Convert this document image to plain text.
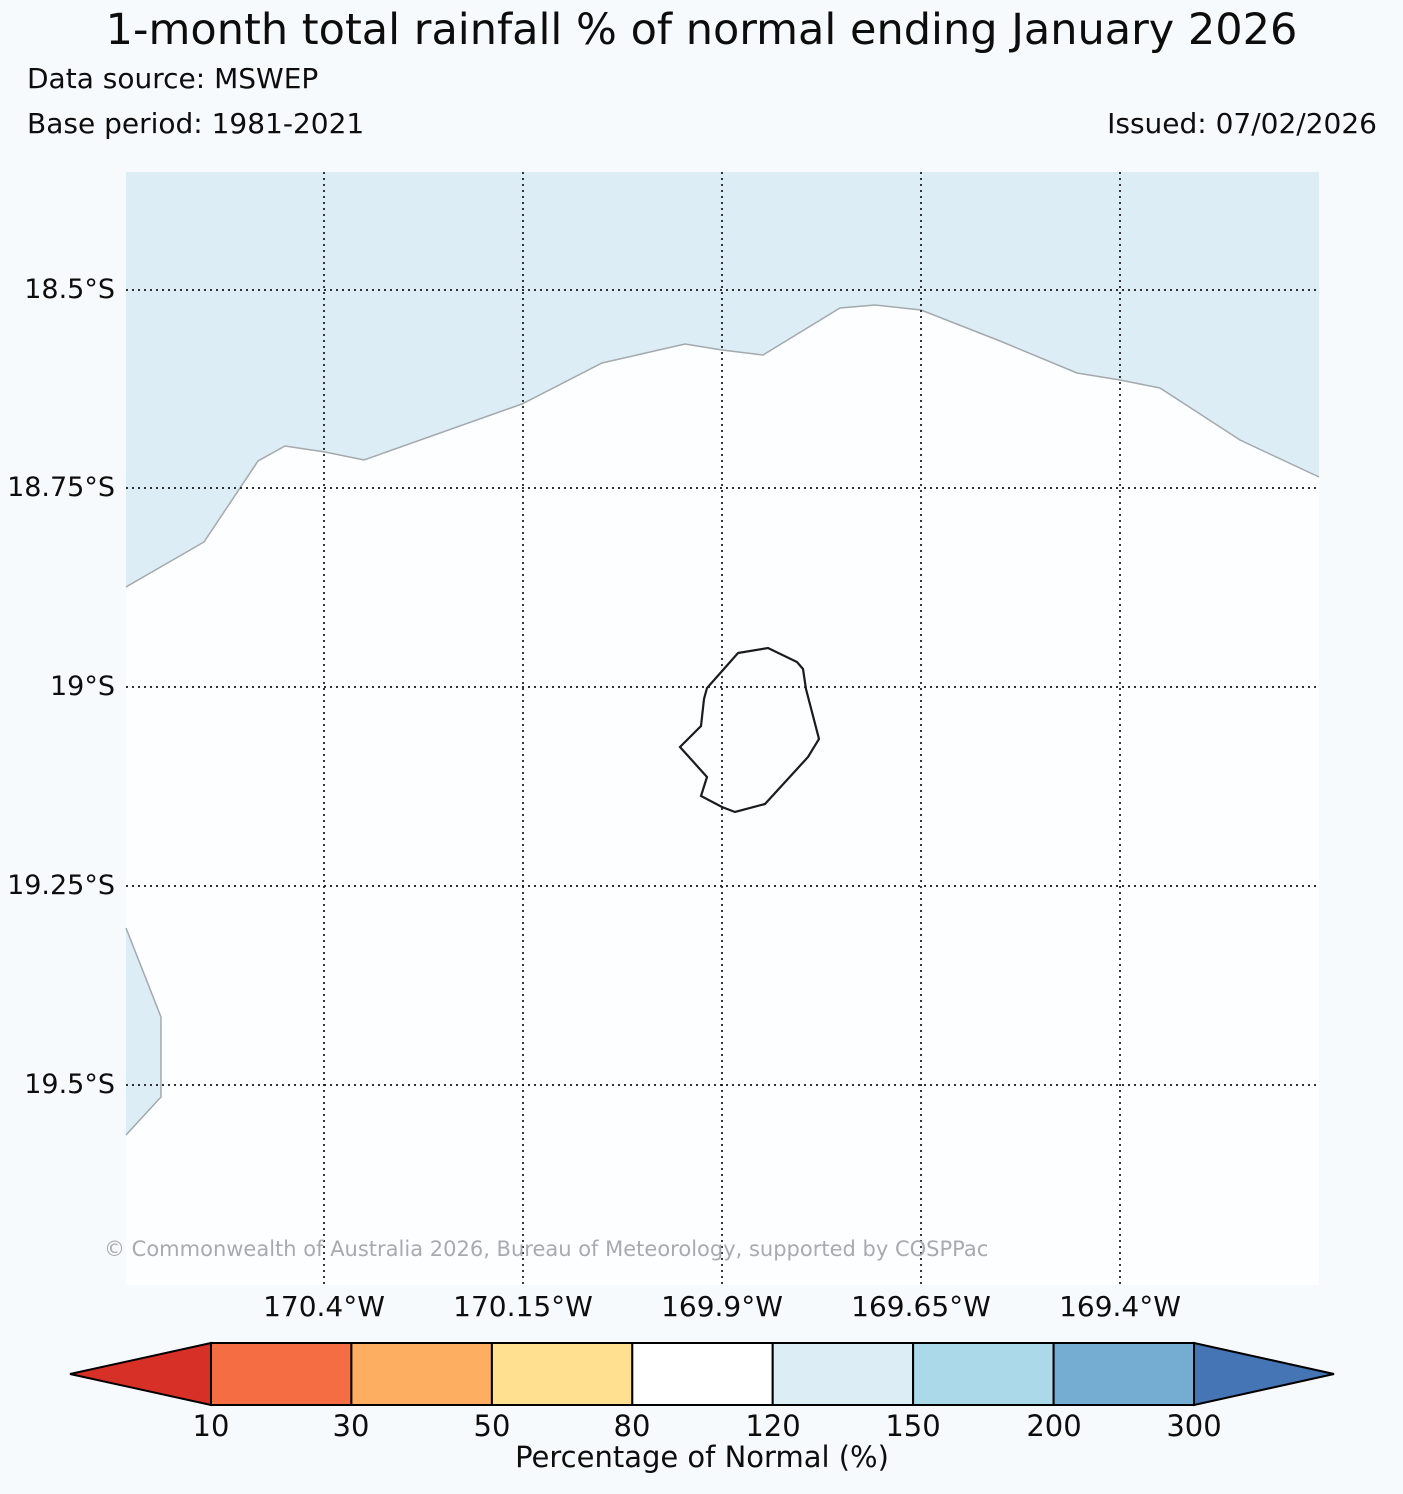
1-month total rainfall % of normal ending January 2026
Data source: MSWEP
Base period: 1981-2021	Issued: 07/02/2026
18.5°S
18.75°S
19°S
19.25°S
19.5°S
170.4°W 170.15°W 169.9°W 169.65°W 169.4°W
© Commonwealth of Australia 2026, Bureau of Meteorology, supported by COSPPac
10	30	50	80	120	150	200	300
Percentage of Normal (%)
